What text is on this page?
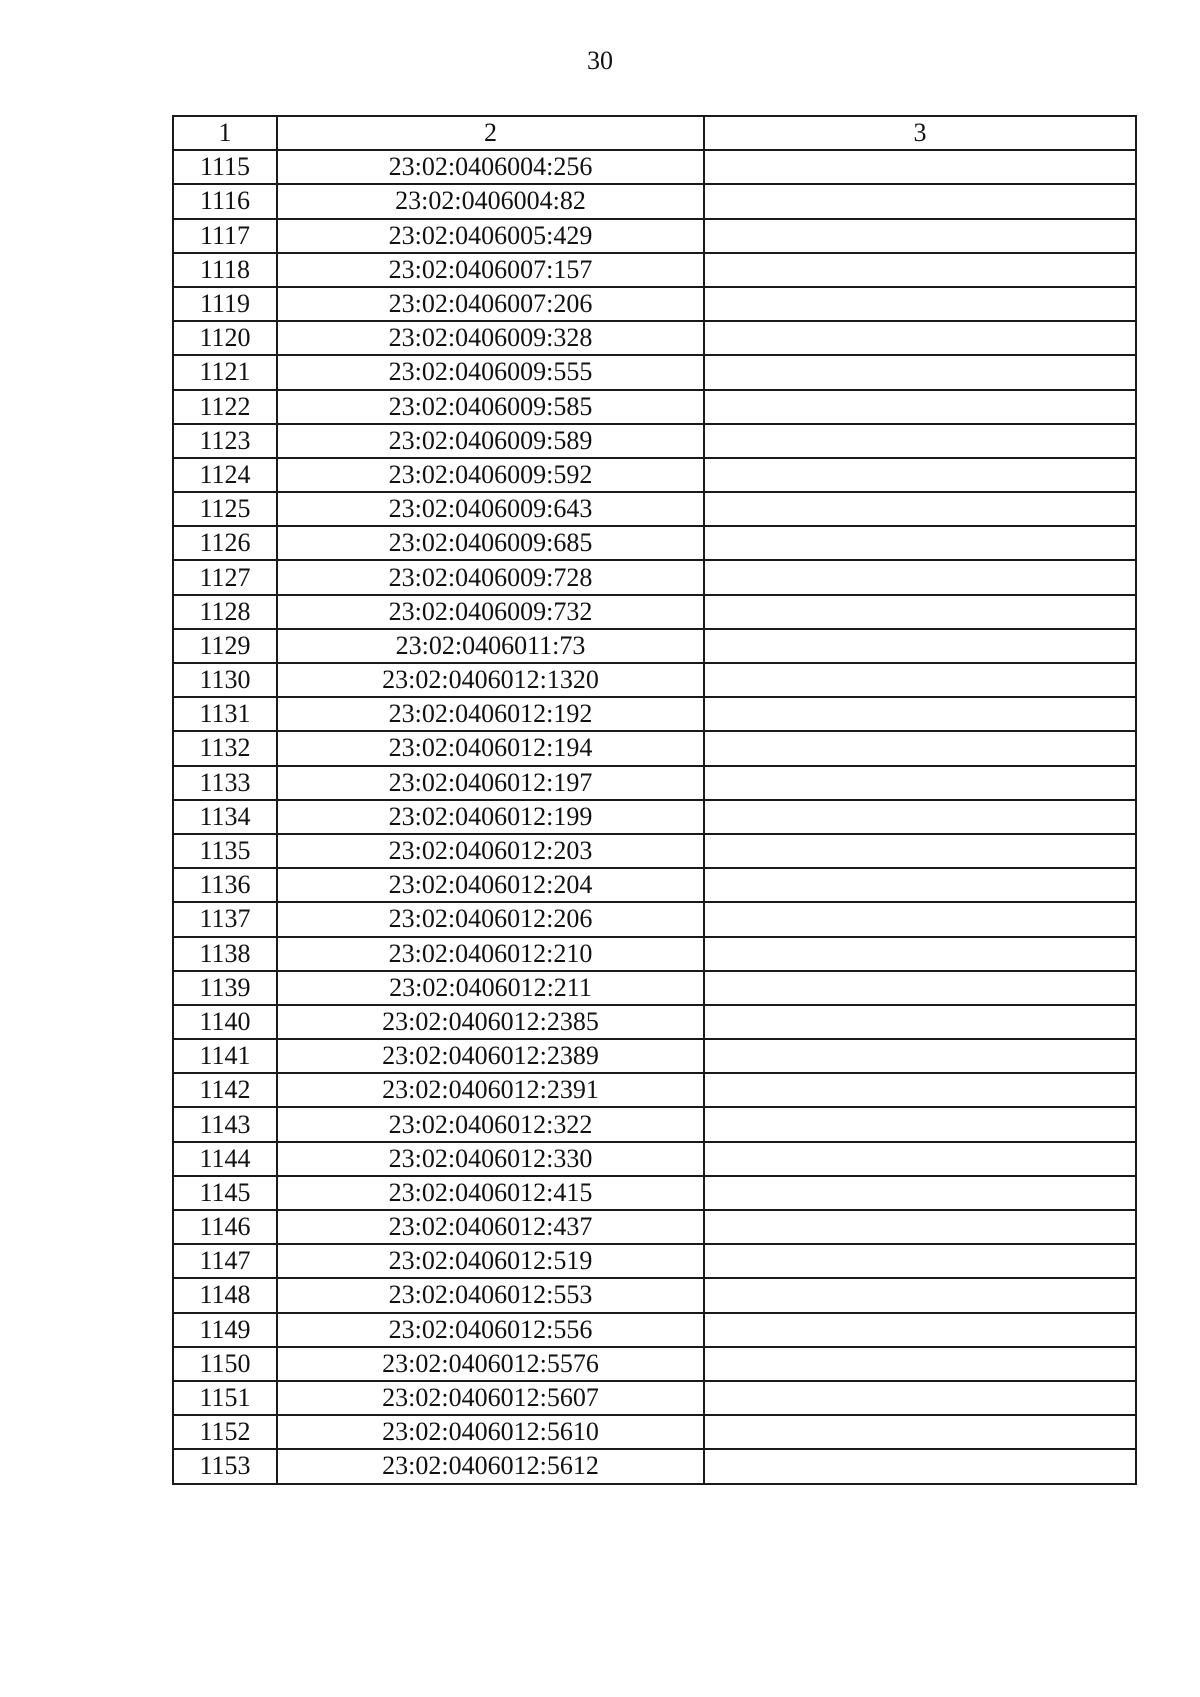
30
1	2	3
1115	23:02:0406004:256	
1116	23:02:0406004:82	
1117	23:02:0406005:429	
1118	23:02:0406007:157	
1119	23:02:0406007:206	
1120	23:02:0406009:328	
1121	23:02:0406009:555	
1122	23:02:0406009:585	
1123	23:02:0406009:589	
1124	23:02:0406009:592	
1125	23:02:0406009:643	
1126	23:02:0406009:685	
1127	23:02:0406009:728	
1128	23:02:0406009:732	
1129	23:02:0406011:73	
1130	23:02:0406012:1320	
1131	23:02:0406012:192	
1132	23:02:0406012:194	
1133	23:02:0406012:197	
1134	23:02:0406012:199	
1135	23:02:0406012:203	
1136	23:02:0406012:204	
1137	23:02:0406012:206	
1138	23:02:0406012:210	
1139	23:02:0406012:211	
1140	23:02:0406012:2385	
1141	23:02:0406012:2389	
1142	23:02:0406012:2391	
1143	23:02:0406012:322	
1144	23:02:0406012:330	
1145	23:02:0406012:415	
1146	23:02:0406012:437	
1147	23:02:0406012:519	
1148	23:02:0406012:553	
1149	23:02:0406012:556	
1150	23:02:0406012:5576	
1151	23:02:0406012:5607	
1152	23:02:0406012:5610	
1153	23:02:0406012:5612	
